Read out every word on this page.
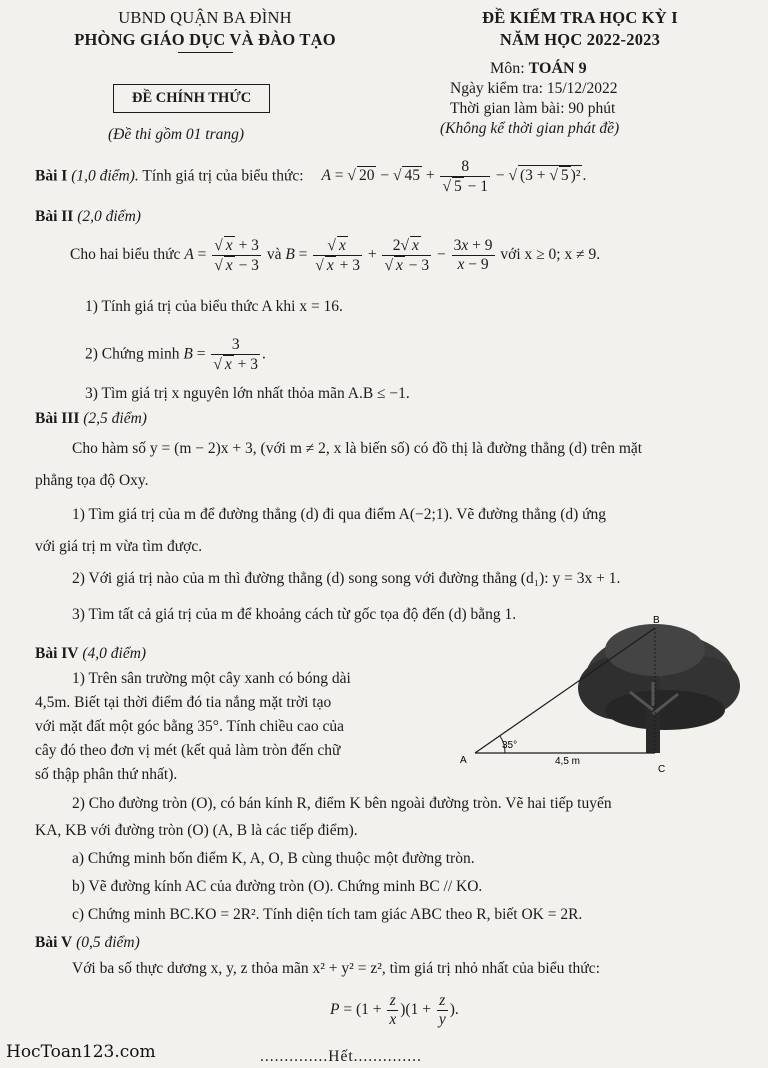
UBND QUẬN BA ĐÌNH
PHÒNG GIÁO DỤC VÀ ĐÀO TẠO
ĐỀ CHÍNH THỨC
(Đề thi gồm 01 trang)
ĐỀ KIỂM TRA HỌC KỲ I
NĂM HỌC 2022-2023
Môn: TOÁN 9
Ngày kiểm tra: 15/12/2022
Thời gian làm bài: 90 phút
(Không kể thời gian phát đề)
Bài I (1,0 điểm). Tính giá trị của biểu thức: A = √ 20 − √ 45 + 8
√ 5 − 1 − √ (3 + √ 5 )² .
Bài II (2,0 điểm)
Cho hai biểu thức A = √ x + 3
√ x − 3 và B = √ x
√ x + 3 + 2 √ x
√ $x - 3 - \frac{3x + 9}{x - 9}$ với x ≥ 0; x ≠ 9.
1) Tính giá trị của biểu thức A khi x = 16.
2) Chứng minh B = 3
√ x + 3 .
3) Tìm giá trị x nguyên lớn nhất thỏa mãn A.B ≤ −1.
Bài III (2,5 điểm)
Cho hàm số y = (m − 2)x + 3, (với m ≠ 2, x là biến số) có đồ thị là đường thẳng (d) trên mặt
phẳng tọa độ Oxy.
1) Tìm giá trị của m để đường thẳng (d) đi qua điểm A(−2;1). Vẽ đường thẳng (d) ứng
với giá trị m vừa tìm được.
2) Với giá trị nào của m thì đường thẳng (d) song song với đường thẳng (d₁): y = 3x + 1.
3) Tìm tất cả giá trị của m để khoảng cách từ gốc tọa độ đến (d) bằng 1.
Bài IV (4,0 điểm)
1) Trên sân trường một cây xanh có bóng dài
4,5m. Biết tại thời điểm đó tia nắng mặt trời tạo
với mặt đất một góc bằng 35°. Tính chiều cao của
cây đó theo đơn vị mét (kết quả làm tròn đến chữ
số thập phân thứ nhất).
35°
A
B
C
4,5 m
2) Cho đường tròn (O), có bán kính R, điểm K bên ngoài đường tròn. Vẽ hai tiếp tuyến
KA, KB với đường tròn (O) (A, B là các tiếp điểm).
a) Chứng minh bốn điểm K, A, O, B cùng thuộc một đường tròn.
b) Vẽ đường kính AC của đường tròn (O). Chứng minh BC // KO.
c) Chứng minh BC.KO = 2R². Tính diện tích tam giác ABC theo R, biết OK = 2R.
Bài V (0,5 điểm)
Với ba số thực dương x, y, z thỏa mãn x² + y² = z², tìm giá trị nhỏ nhất của biểu thức:
$P = (1 + \frac{z}{x} )(1 + \frac{z}{y}$ ).
..............Hết..............
HocToan123.com
